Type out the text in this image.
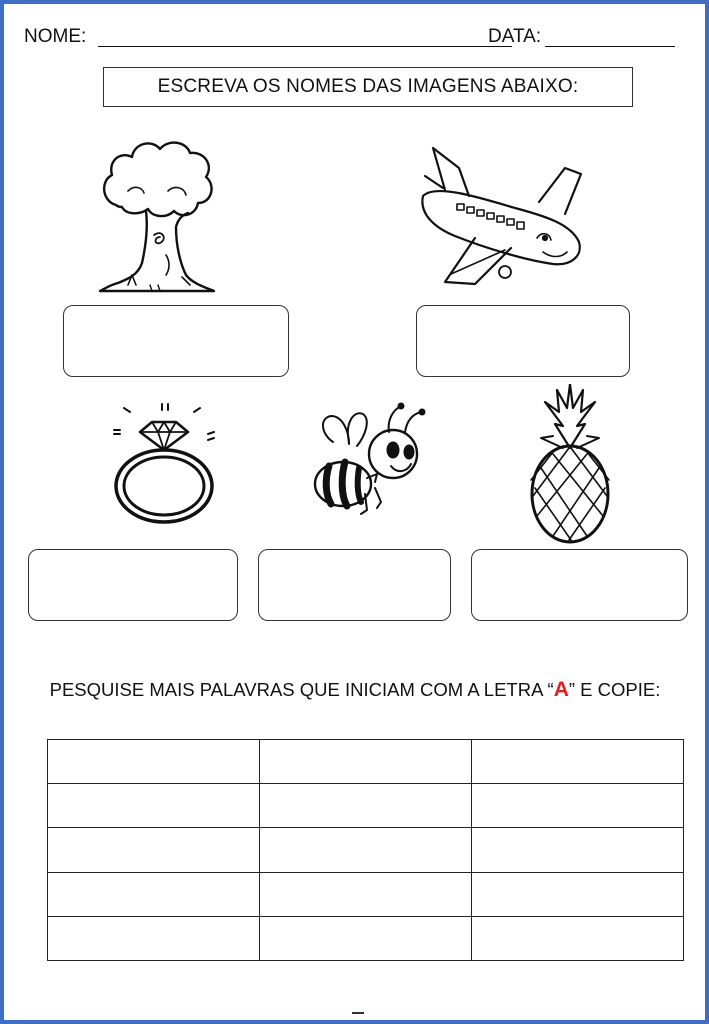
NOME:	DATA:
ESCREVA OS NOMES DAS IMAGENS ABAIXO:
PESQUISE MAIS PALAVRAS QUE INICIAM COM A LETRA “A” E COPIE:
